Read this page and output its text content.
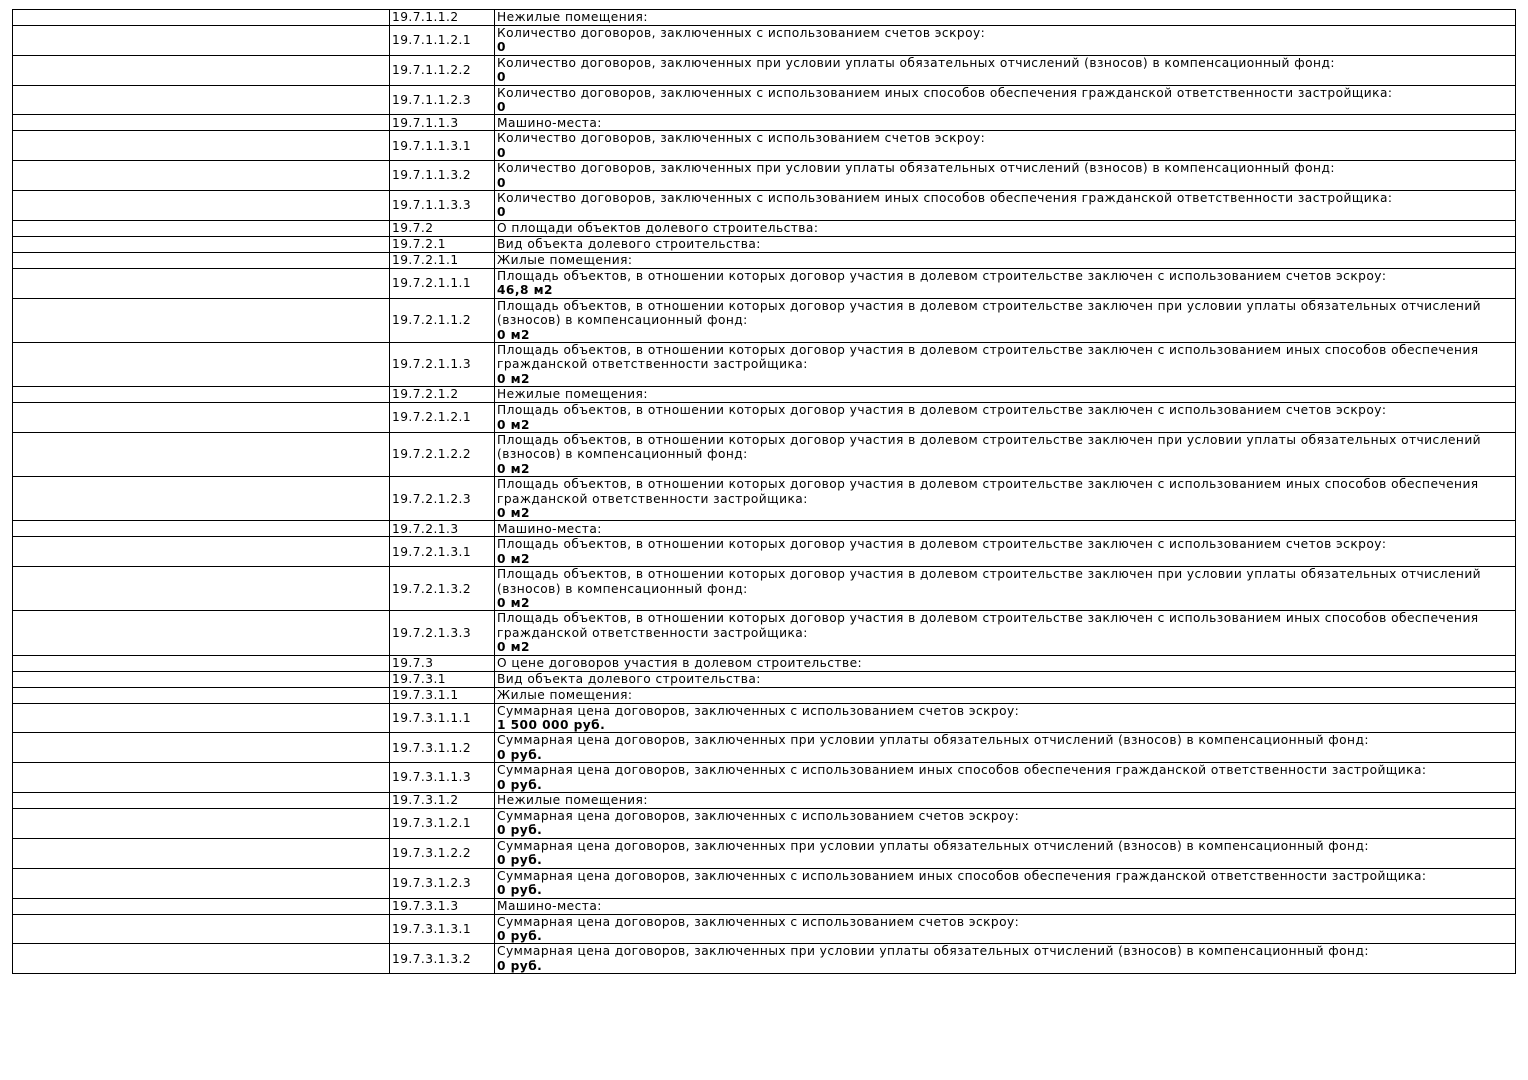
	19.7.1.1.2	Нежилые помещения:

	19.7.1.1.2.1	Количество договоров, заключенных с использованием счетов эскроу:
0

	19.7.1.1.2.2	Количество договоров, заключенных при условии уплаты обязательных отчислений (взносов) в компенсационный фонд:
0

	19.7.1.1.2.3	Количество договоров, заключенных с использованием иных способов обеспечения гражданской ответственности застройщика:
0

	19.7.1.1.3	Машино-места:

	19.7.1.1.3.1	Количество договоров, заключенных с использованием счетов эскроу:
0

	19.7.1.1.3.2	Количество договоров, заключенных при условии уплаты обязательных отчислений (взносов) в компенсационный фонд:
0

	19.7.1.1.3.3	Количество договоров, заключенных с использованием иных способов обеспечения гражданской ответственности застройщика:
0

	19.7.2	О площади объектов долевого строительства:

	19.7.2.1	Вид объекта долевого строительства:

	19.7.2.1.1	Жилые помещения:

	19.7.2.1.1.1	Площадь объектов, в отношении которых договор участия в долевом строительстве заключен с использованием счетов эскроу:
46,8 м2

	19.7.2.1.1.2	Площадь объектов, в отношении которых договор участия в долевом строительстве заключен при условии уплаты обязательных отчислений (взносов) в компенсационный фонд:
0 м2

	19.7.2.1.1.3	Площадь объектов, в отношении которых договор участия в долевом строительстве заключен с использованием иных способов обеспечения гражданской ответственности застройщика:
0 м2

	19.7.2.1.2	Нежилые помещения:

	19.7.2.1.2.1	Площадь объектов, в отношении которых договор участия в долевом строительстве заключен с использованием счетов эскроу:
0 м2

	19.7.2.1.2.2	Площадь объектов, в отношении которых договор участия в долевом строительстве заключен при условии уплаты обязательных отчислений (взносов) в компенсационный фонд:
0 м2

	19.7.2.1.2.3	Площадь объектов, в отношении которых договор участия в долевом строительстве заключен с использованием иных способов обеспечения гражданской ответственности застройщика:
0 м2

	19.7.2.1.3	Машино-места:

	19.7.2.1.3.1	Площадь объектов, в отношении которых договор участия в долевом строительстве заключен с использованием счетов эскроу:
0 м2

	19.7.2.1.3.2	Площадь объектов, в отношении которых договор участия в долевом строительстве заключен при условии уплаты обязательных отчислений (взносов) в компенсационный фонд:
0 м2

	19.7.2.1.3.3	Площадь объектов, в отношении которых договор участия в долевом строительстве заключен с использованием иных способов обеспечения гражданской ответственности застройщика:
0 м2

	19.7.3	О цене договоров участия в долевом строительстве:

	19.7.3.1	Вид объекта долевого строительства:

	19.7.3.1.1	Жилые помещения:

	19.7.3.1.1.1	Суммарная цена договоров, заключенных с использованием счетов эскроу:
1 500 000 руб.

	19.7.3.1.1.2	Суммарная цена договоров, заключенных при условии уплаты обязательных отчислений (взносов) в компенсационный фонд:
0 руб.

	19.7.3.1.1.3	Суммарная цена договоров, заключенных с использованием иных способов обеспечения гражданской ответственности застройщика:
0 руб.

	19.7.3.1.2	Нежилые помещения:

	19.7.3.1.2.1	Суммарная цена договоров, заключенных с использованием счетов эскроу:
0 руб.

	19.7.3.1.2.2	Суммарная цена договоров, заключенных при условии уплаты обязательных отчислений (взносов) в компенсационный фонд:
0 руб.

	19.7.3.1.2.3	Суммарная цена договоров, заключенных с использованием иных способов обеспечения гражданской ответственности застройщика:
0 руб.

	19.7.3.1.3	Машино-места:

	19.7.3.1.3.1	Суммарная цена договоров, заключенных с использованием счетов эскроу:
0 руб.

	19.7.3.1.3.2	Суммарная цена договоров, заключенных при условии уплаты обязательных отчислений (взносов) в компенсационный фонд:
0 руб.
